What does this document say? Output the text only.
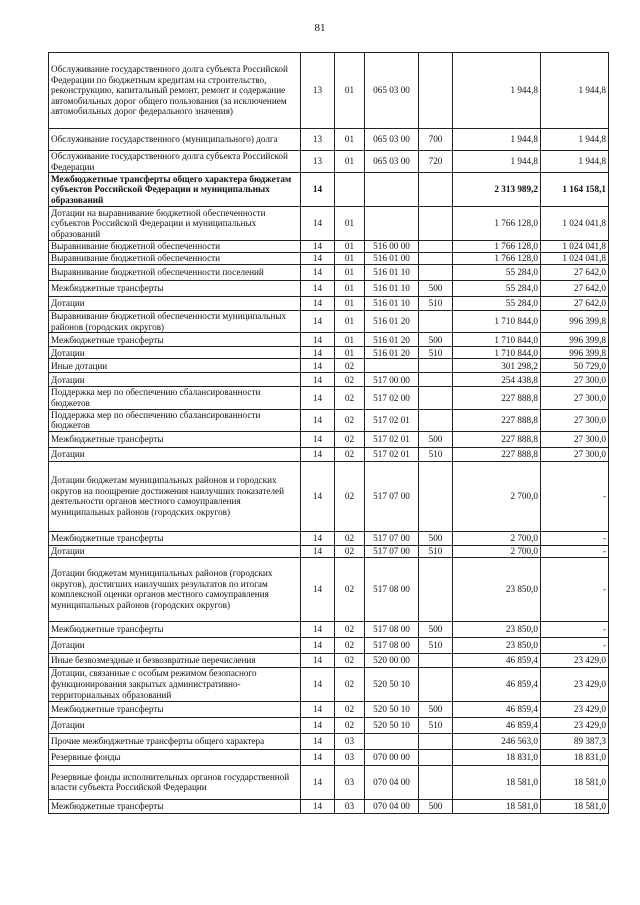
81
Обслуживание государственного долга субъекта Российской Федерации по бюджетным кредитам на строительство, реконструкцию, капитальный ремонт, ремонт и содержание автомобильных дорог общего пользования (за исключением автомобильных дорог федерального значения)	13	01	065 03 00		1 944,8	1 944,8
Обслуживание государственного (муниципального) долга	13	01	065 03 00	700	1 944,8	1 944,8
Обслуживание государственного долга субъекта Российской Федерации	13	01	065 03 00	720	1 944,8	1 944,8
Межбюджетные трансферты общего характера бюджетам субъектов Российской Федерации и муниципальных образований	14				2 313 989,2	1 164 158,1
Дотации на выравнивание бюджетной обеспеченности субъектов Российской Федерации и муниципальных образований	14	01			1 766 128,0	1 024 041,8
Выравнивание бюджетной обеспеченности	14	01	516 00 00		1 766 128,0	1 024 041,8
Выравнивание бюджетной обеспеченности	14	01	516 01 00		1 766 128,0	1 024 041,8
Выравнивание бюджетной обеспеченности поселений	14	01	516 01 10		55 284,0	27 642,0
Межбюджетные трансферты	14	01	516 01 10	500	55 284,0	27 642,0
Дотации	14	01	516 01 10	510	55 284,0	27 642,0
Выравнивание бюджетной обеспеченности муниципальных районов (городских округов)	14	01	516 01 20		1 710 844,0	996 399,8
Межбюджетные трансферты	14	01	516 01 20	500	1 710 844,0	996 399,8
Дотации	14	01	516 01 20	510	1 710 844,0	996 399,8
Иные дотации	14	02			301 298,2	50 729,0
Дотации	14	02	517 00 00		254 438,8	27 300,0
Поддержка мер по обеспечению сбалансированности бюджетов	14	02	517 02 00		227 888,8	27 300,0
Поддержка мер по обеспечению сбалансированности бюджетов	14	02	517 02 01		227 888,8	27 300,0
Межбюджетные трансферты	14	02	517 02 01	500	227 888,8	27 300,0
Дотации	14	02	517 02 01	510	227 888,8	27 300,0
Дотации бюджетам муниципальных районов и городских округов на поощрение достижения наилучших показателей деятельности органов местного самоуправления муниципальных районов (городских округов)	14	02	517 07 00		2 700,0	-
Межбюджетные трансферты	14	02	517 07 00	500	2 700,0	-
Дотации	14	02	517 07 00	510	2 700,0	-
Дотации бюджетам муниципальных районов (городских округов), достигших наилучших результатов по итогам комплексной оценки органов местного самоуправления муниципальных районов (городских округов)	14	02	517 08 00		23 850,0	-
Межбюджетные трансферты	14	02	517 08 00	500	23 850,0	-
Дотации	14	02	517 08 00	510	23 850,0	-
Иные безвозмездные и безвозвратные перечисления	14	02	520 00 00		46 859,4	23 429,0
Дотации, связанные с особым режимом безопасного функционирования закрытых административно-территориальных образований	14	02	520 50 10		46 859,4	23 429,0
Межбюджетные трансферты	14	02	520 50 10	500	46 859,4	23 429,0
Дотации	14	02	520 50 10	510	46 859,4	23 429,0
Прочие межбюджетные трансферты общего характера	14	03			246 563,0	89 387,3
Резервные фонды	14	03	070 00 00		18 831,0	18 831,0
Резервные фонды исполнительных органов государственной власти субъекта Российской Федерации	14	03	070 04 00		18 581,0	18 581,0
Межбюджетные трансферты	14	03	070 04 00	500	18 581,0	18 581,0
